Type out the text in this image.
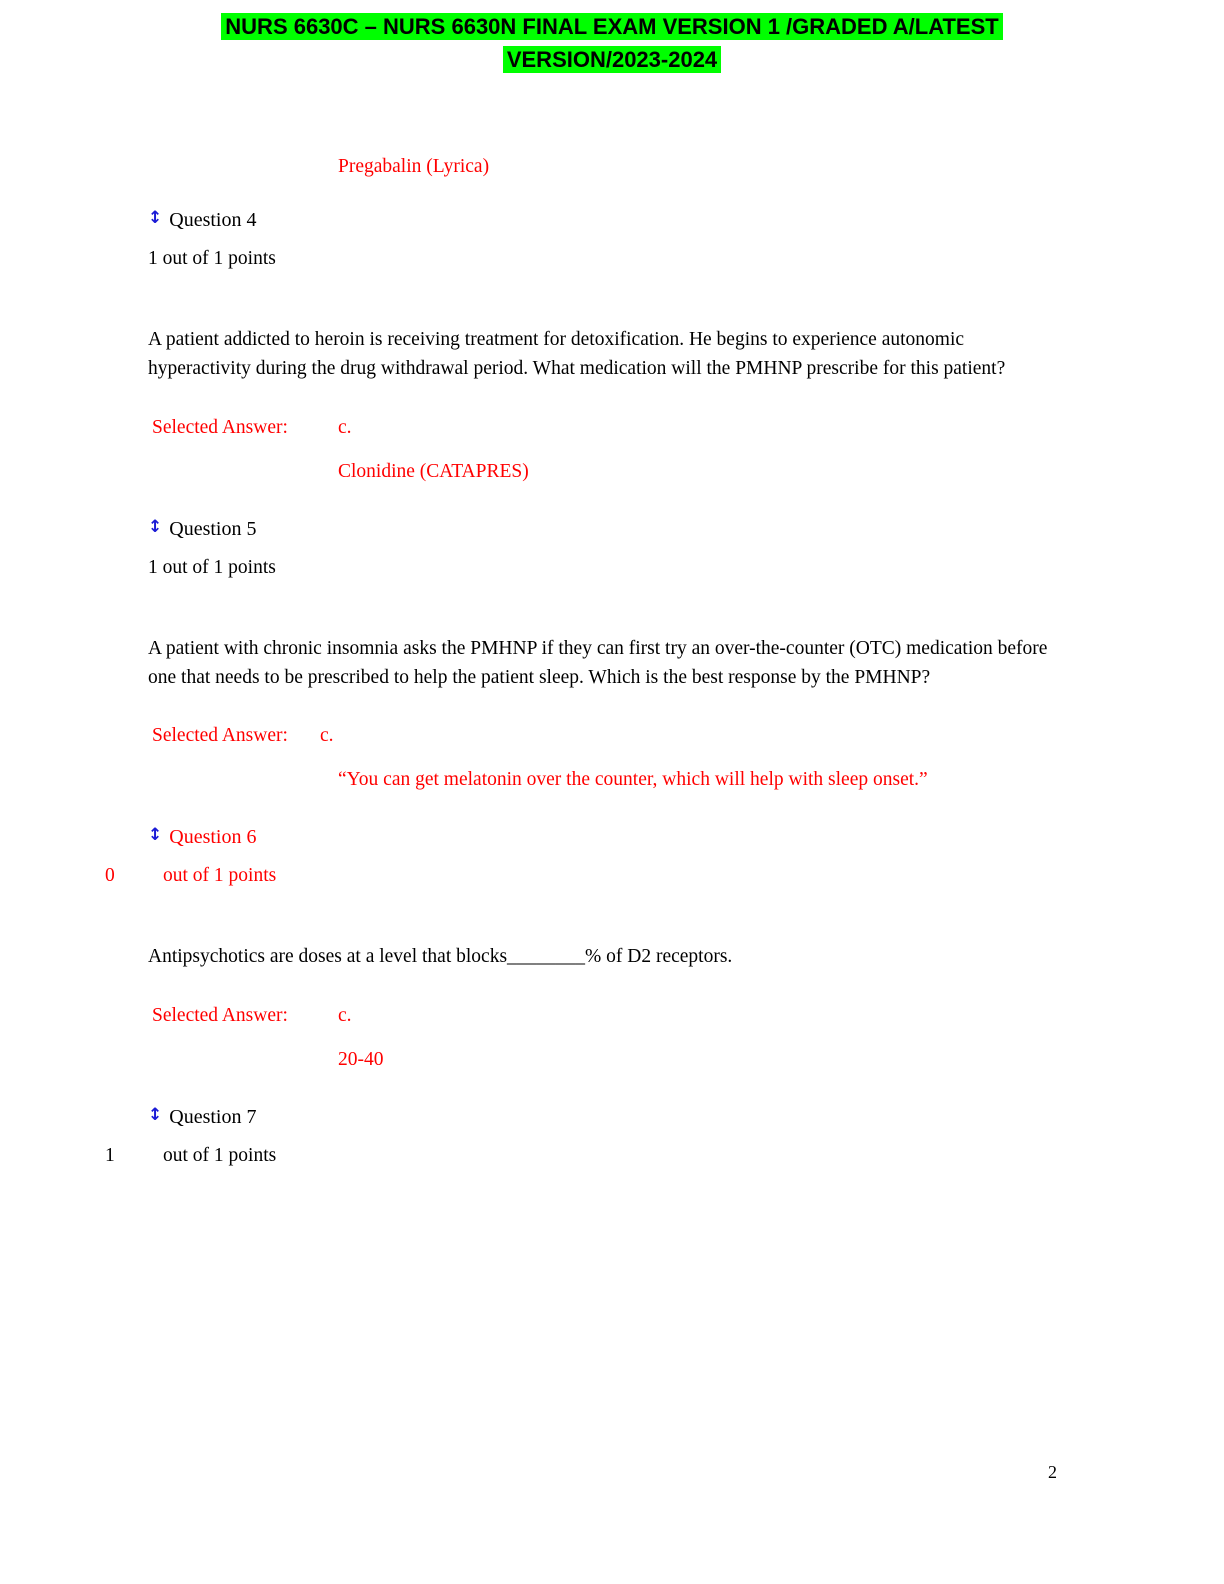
NURS 6630C – NURS 6630N FINAL EXAM VERSION 1 /GRADED A/LATEST VERSION/2023-2024
Pregabalin (Lyrica)
↕ Question 4
1 out of 1 points
A patient addicted to heroin is receiving treatment for detoxification. He begins to experience autonomic hyperactivity during the drug withdrawal period. What medication will the PMHNP prescribe for this patient?
Selected Answer:	c.
Clonidine (CATAPRES)
↕ Question 5
1 out of 1 points
A patient with chronic insomnia asks the PMHNP if they can first try an over-the-counter (OTC) medication before one that needs to be prescribed to help the patient sleep. Which is the best response by the PMHNP?
Selected Answer: c.
“You can get melatonin over the counter, which will help with sleep onset.”
↕ Question 6
0 out of 1 points
Antipsychotics are doses at a level that blocks________% of D2 receptors.
Selected Answer:	c.
20-40
↕ Question 7
1 out of 1 points
2
